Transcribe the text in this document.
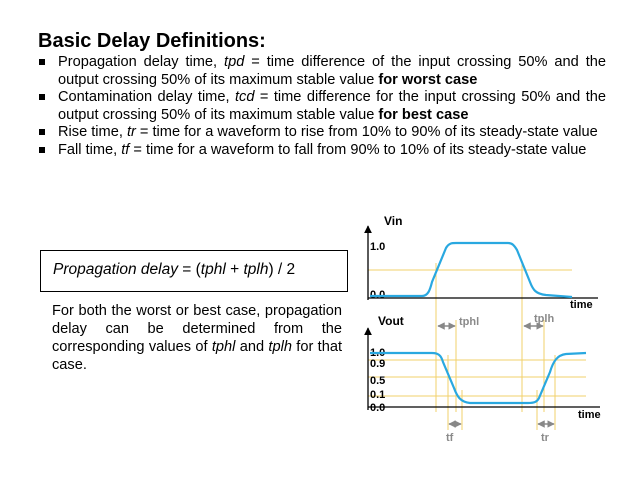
Basic Delay Definitions:
Propagation delay time, tpd = time difference of the input crossing 50% and the output crossing 50% of its maximum stable value for worst case
Contamination delay time, tcd = time difference for the input crossing 50% and the output crossing 50% of its maximum stable value for best case
Rise time, tr = time for a waveform to rise from 10% to 90% of its steady-state value
Fall time, tf = time for a waveform to fall from 90% to 10% of its steady-state value
Propagation delay = (tphl + tplh) / 2
For both the worst or best case, propagation delay can be determined from the corresponding values of tphl and tplh for that case.
Vin
1.0
0.0
time
Vout
1.0
0.9
0.5
0.1
0.0
time
tphl	tplh
tf	tr
